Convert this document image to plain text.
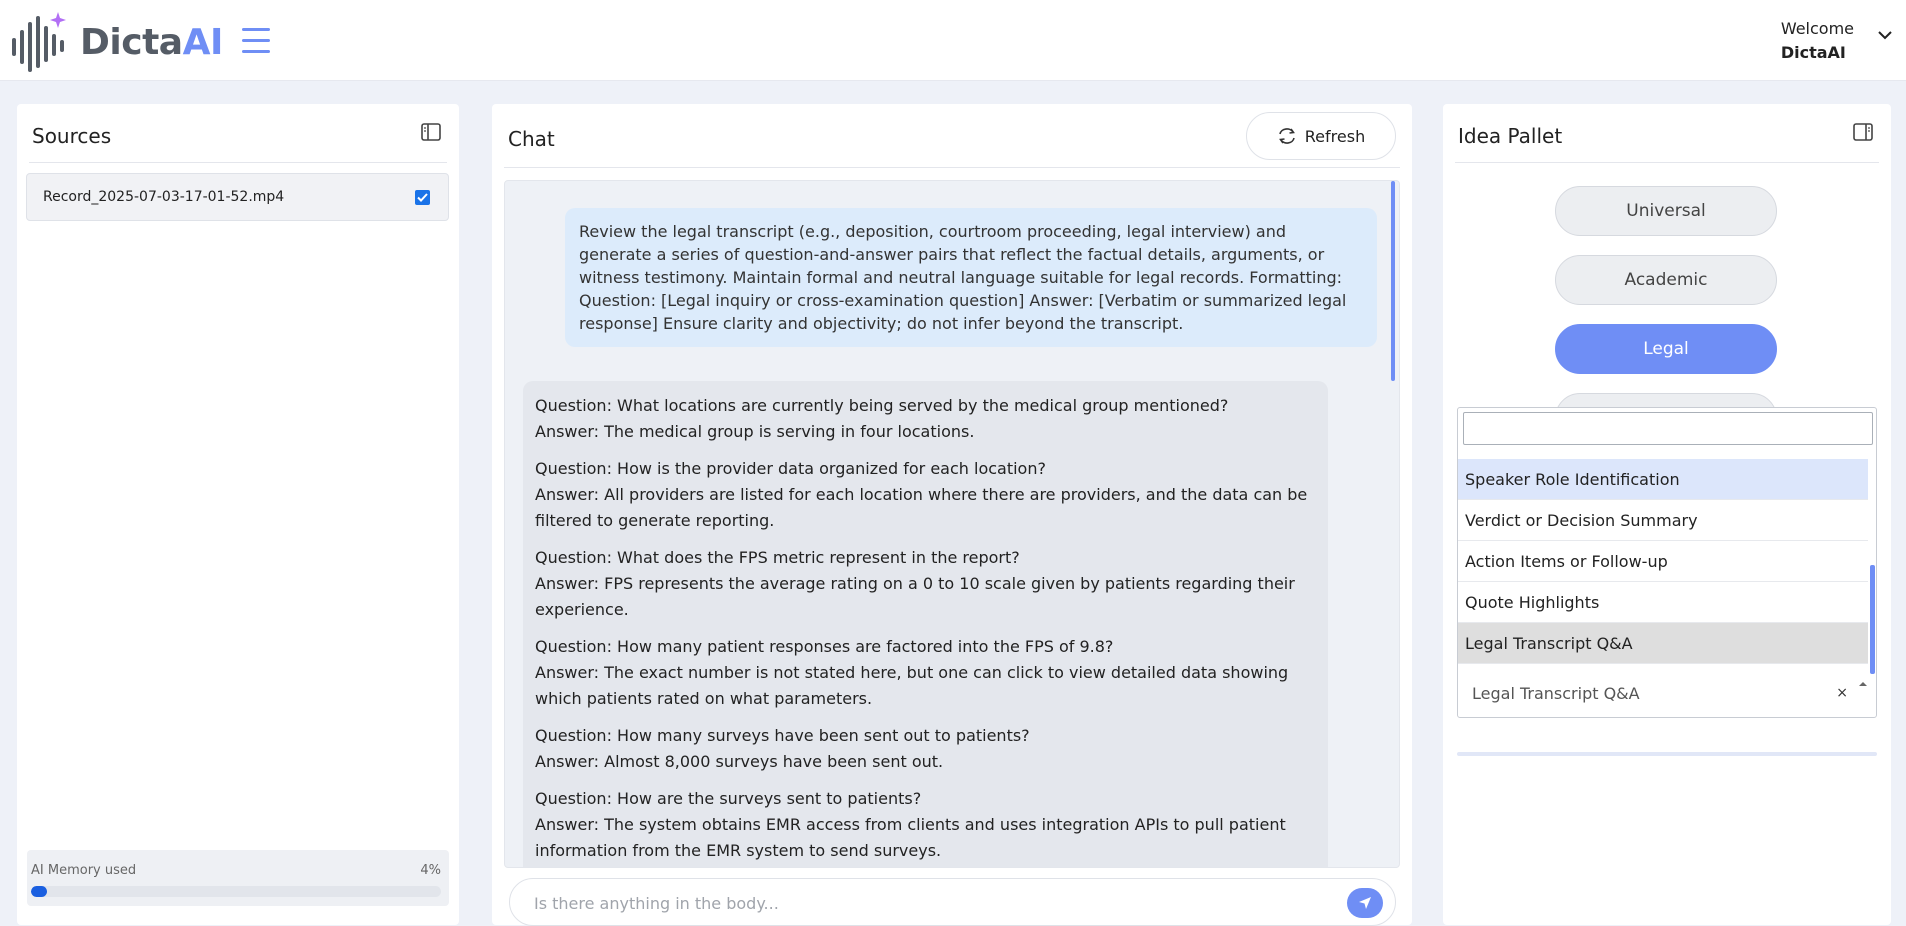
DictaAI	Welcome
DictaAI
Sources
Record_2025-07-03-17-01-52.mp4
AI Memory used	4%
Chat	Refresh
Review the legal transcript (e.g., deposition, courtroom proceeding, legal interview) and generate a series of question-and-answer pairs that reflect the factual details, arguments, or witness testimony. Maintain formal and neutral language suitable for legal records. Formatting: Question: [Legal inquiry or cross-examination question] Answer: [Verbatim or summarized legal response] Ensure clarity and objectivity; do not infer beyond the transcript.

Question: What locations are currently being served by the medical group mentioned?

Answer: The medical group is serving in four locations.

Question: How is the provider data organized for each location?

Answer: All providers are listed for each location where there are providers, and the data can be filtered to generate reporting.

Question: What does the FPS metric represent in the report?

Answer: FPS represents the average rating on a 0 to 10 scale given by patients regarding their experience.

Question: How many patient responses are factored into the FPS of 9.8?

Answer: The exact number is not stated here, but one can click to view detailed data showing which patients rated on what parameters.

Question: How many surveys have been sent out to patients?

Answer: Almost 8,000 surveys have been sent out.

Question: How are the surveys sent to patients?

Answer: The system obtains EMR access from clients and uses integration APIs to pull patient information from the EMR system to send surveys.

Is there anything in the body...
Idea Pallet
Universal
Academic
Legal
Speaker Role Identification
Verdict or Decision Summary
Action Items or Follow-up
Quote Highlights
Legal Transcript Q&A
Legal Transcript Q&A	×
